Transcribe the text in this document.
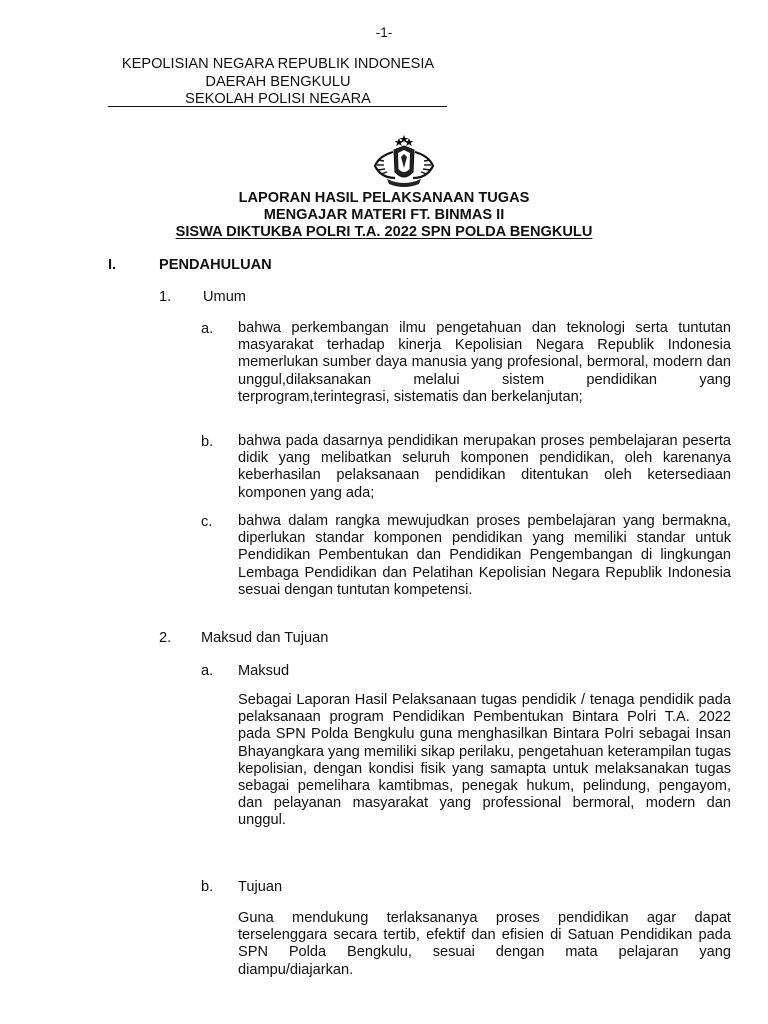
-1-
KEPOLISIAN NEGARA REPUBLIK INDONESIA
DAERAH BENGKULU
SEKOLAH POLISI NEGARA
LAPORAN HASIL PELAKSANAAN TUGAS
MENGAJAR MATERI FT. BINMAS II
SISWA DIKTUKBA POLRI T.A. 2022 SPN POLDA BENGKULU
I.	PENDAHULUAN
1. Umum
a. bahwa perkembangan ilmu pengetahuan dan teknologi serta tuntutan masyarakat terhadap kinerja Kepolisian Negara Republik Indonesia memerlukan sumber daya manusia yang profesional, bermoral, modern dan unggul,dilaksanakan melalui sistem pendidikan yang terprogram,terintegrasi, sistematis dan berkelanjutan;
b. bahwa pada dasarnya pendidikan merupakan proses pembelajaran peserta didik yang melibatkan seluruh komponen pendidikan, oleh karenanya keberhasilan pelaksanaan pendidikan ditentukan oleh ketersediaan komponen yang ada;
c. bahwa dalam rangka mewujudkan proses pembelajaran yang bermakna, diperlukan standar komponen pendidikan yang memiliki standar untuk Pendidikan Pembentukan dan Pendidikan Pengembangan di lingkungan Lembaga Pendidikan dan Pelatihan Kepolisian Negara Republik Indonesia sesuai dengan tuntutan kompetensi.
2. Maksud dan Tujuan
a. Maksud
Sebagai Laporan Hasil Pelaksanaan tugas pendidik / tenaga pendidik pada pelaksanaan program Pendidikan Pembentukan Bintara Polri T.A. 2022 pada SPN Polda Bengkulu guna menghasilkan Bintara Polri sebagai Insan Bhayangkara yang memiliki sikap perilaku, pengetahuan keterampilan tugas kepolisian, dengan kondisi fisik yang samapta untuk melaksanakan tugas sebagai pemelihara kamtibmas, penegak hukum, pelindung, pengayom, dan pelayanan masyarakat yang professional bermoral, modern dan unggul.
b. Tujuan
Guna mendukung terlaksananya proses pendidikan agar dapat terselenggara secara tertib, efektif dan efisien di Satuan Pendidikan pada SPN Polda Bengkulu, sesuai dengan mata pelajaran yang diampu/diajarkan.
